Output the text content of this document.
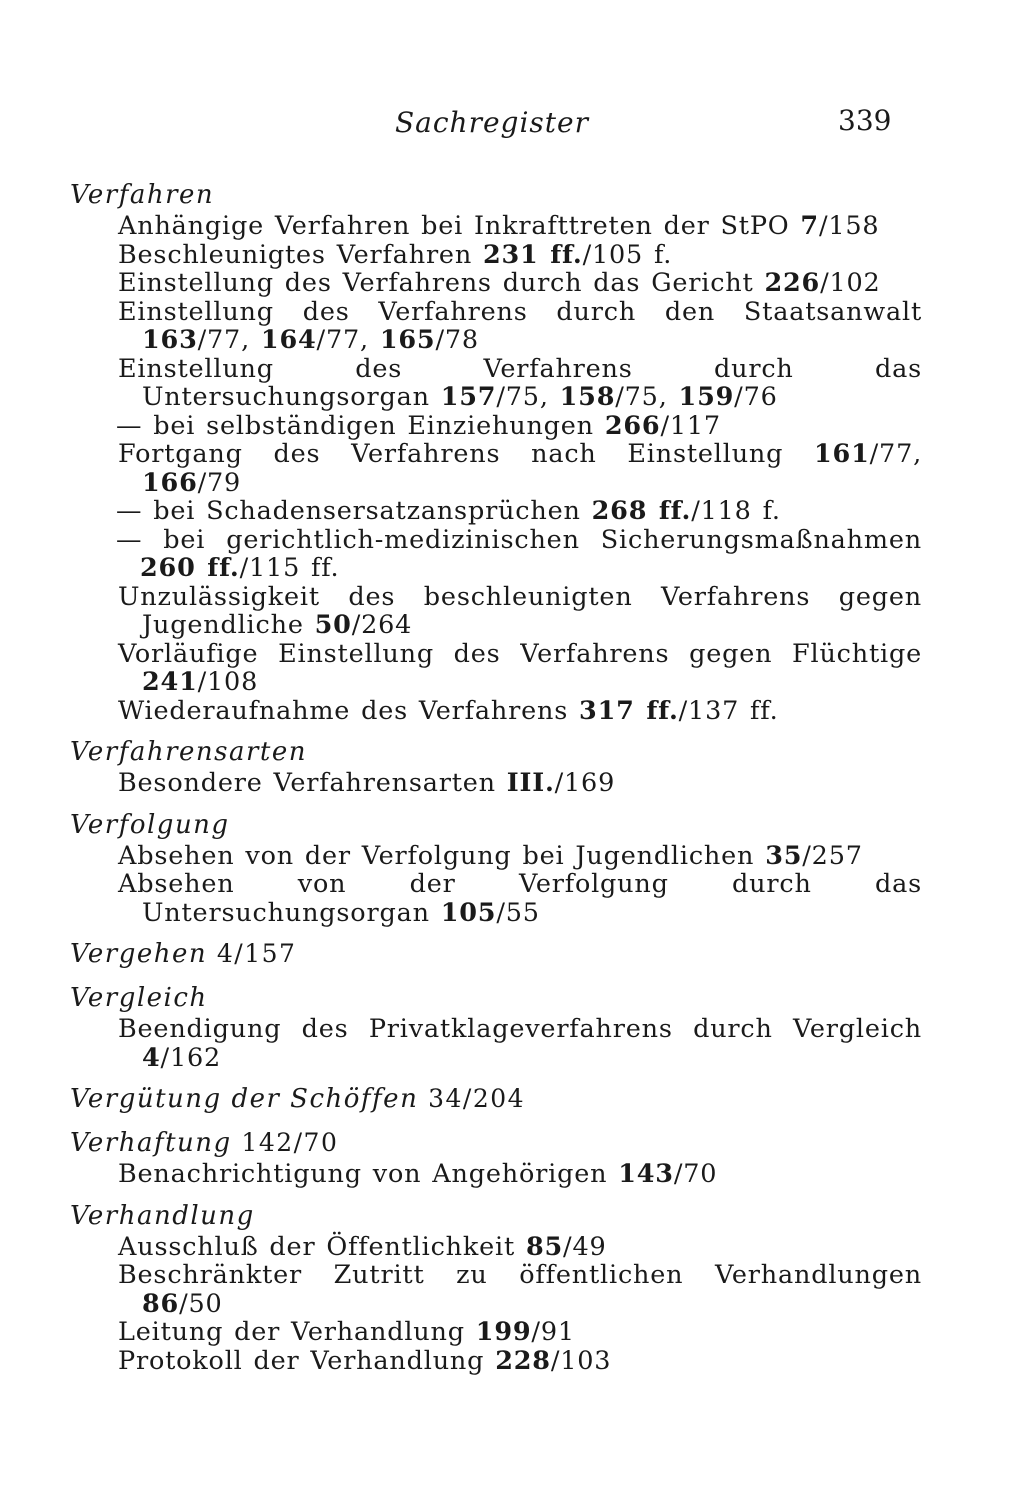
Sachregister	339
Verfahren
Anhängige Verfahren bei Inkrafttreten der StPO 7/158
Beschleunigtes Verfahren 231 ff./105 f.
Einstellung des Verfahrens durch das Gericht 226/102
Einstellung des Verfahrens durch den Staatsanwalt 163/77, 164/77, 165/78
Einstellung des Verfahrens durch das Untersuchungsorgan 157/75, 158/75, 159/76
— bei selbständigen Einziehungen 266/117
Fortgang des Verfahrens nach Einstellung 161/77, 166/79
— bei Schadensersatzansprüchen 268 ff./118 f.
— bei gerichtlich-medizinischen Sicherungsmaßnahmen 260 ff./115 ff.
Unzulässigkeit des beschleunigten Verfahrens gegen Jugendliche 50/264
Vorläufige Einstellung des Verfahrens gegen Flüchtige 241/108
Wiederaufnahme des Verfahrens 317 ff./137 ff.
Verfahrensarten
Besondere Verfahrensarten III./169
Verfolgung
Absehen von der Verfolgung bei Jugendlichen 35/257
Absehen von der Verfolgung durch das Untersuchungsorgan 105/55
Vergehen 4/157
Vergleich
Beendigung des Privatklageverfahrens durch Vergleich 4/162
Vergütung der Schöffen 34/204
Verhaftung 142/70
Benachrichtigung von Angehörigen 143/70
Verhandlung
Ausschluß der Öffentlichkeit 85/49
Beschränkter Zutritt zu öffentlichen Verhandlungen 86/50
Leitung der Verhandlung 199/91
Protokoll der Verhandlung 228/103
